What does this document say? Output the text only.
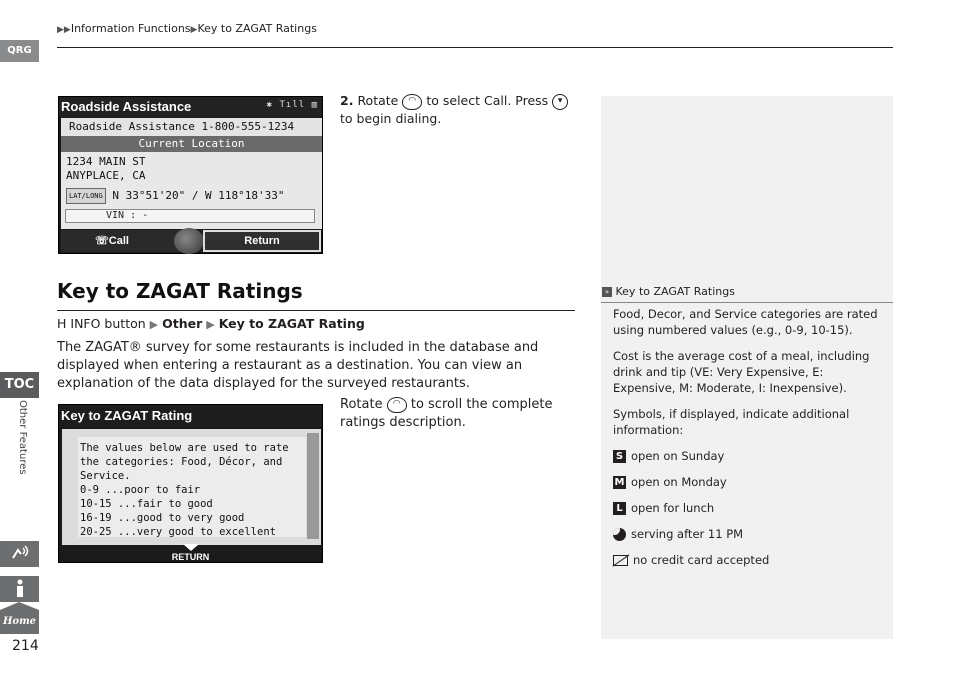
▶▶Information Functions▶Key to ZAGAT Ratings
QRG
TOC
Other Features
Home
214
Roadside Assistance	✱ Tıll ▥
Roadside Assistance 1-800-555-1234
Current Location
1234 MAIN ST
ANYPLACE, CA
LAT/LONG N 33°51'20" / W 118°18'33"
VIN : -
☏Call	Return
2. Rotate ◠ to select Call. Press ▾ to begin dialing.
Key to ZAGAT Ratings
H INFO button ▶ Other ▶ Key to ZAGAT Rating
The ZAGAT® survey for some restaurants is included in the database and displayed when entering a restaurant as a destination. You can view an explanation of the data displayed for the surveyed restaurants.
Key to ZAGAT Rating
The values below are used to rate
the categories: Food, Décor, and
Service.
0-9 ...poor to fair
10-15 ...fair to good
16-19 ...good to very good
20-25 ...very good to excellent
RETURN
Rotate ◠ to scroll the complete ratings description.
» Key to ZAGAT Ratings

Food, Decor, and Service categories are rated using numbered values (e.g., 0-9, 10-15).

Cost is the average cost of a meal, including drink and tip (VE: Very Expensive, E: Expensive, M: Moderate, I: Inexpensive).

Symbols, if displayed, indicate additional information:

S open on Sunday
M open on Monday
L open for lunch
serving after 11 PM
no credit card accepted
